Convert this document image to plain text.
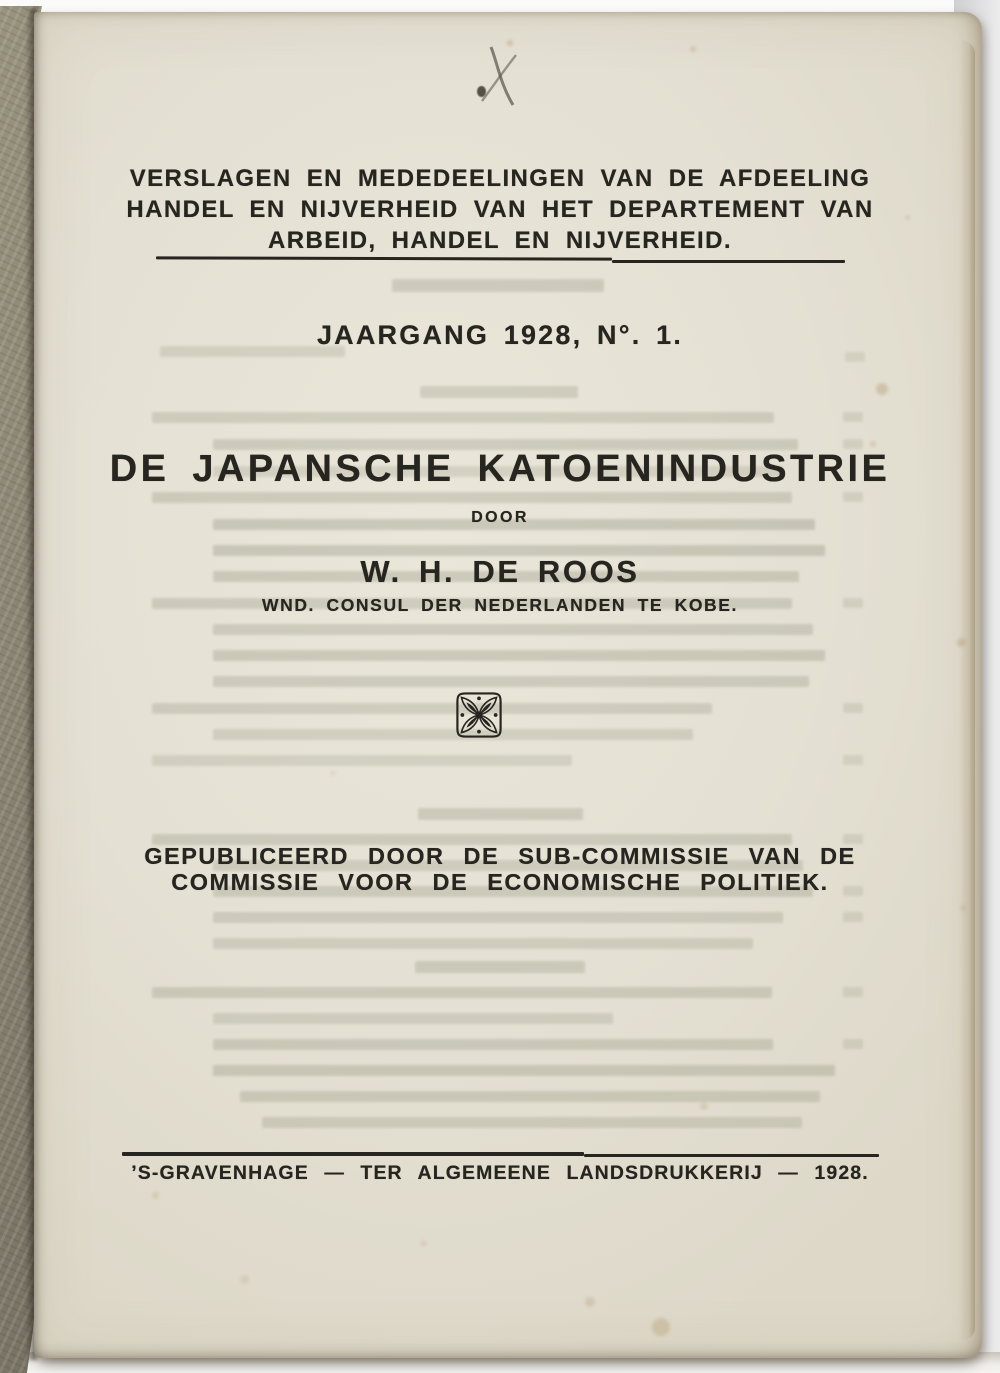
VERSLAGEN EN MEDEDEELINGEN VAN DE AFDEELING
HANDEL EN NIJVERHEID VAN HET DEPARTEMENT VAN
ARBEID, HANDEL EN NIJVERHEID.
JAARGANG 1928, N°. 1.
DE JAPANSCHE KATOENINDUSTRIE
DOOR
W. H. DE ROOS
WND. CONSUL DER NEDERLANDEN TE KOBE.
GEPUBLICEERD DOOR DE SUB-COMMISSIE VAN DE
COMMISSIE VOOR DE ECONOMISCHE POLITIEK.
’S-GRAVENHAGE — TER ALGEMEENE LANDSDRUKKERIJ — 1928.
